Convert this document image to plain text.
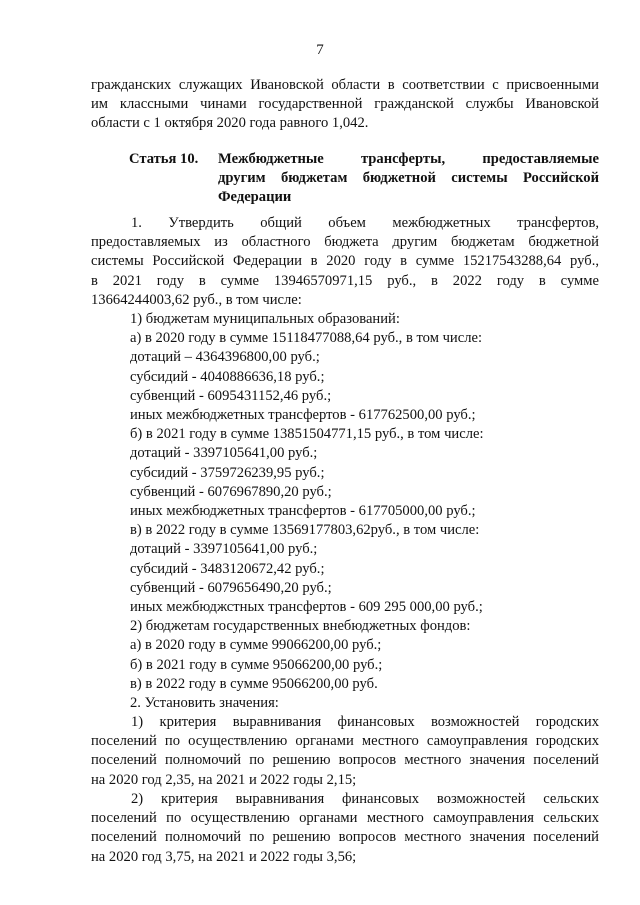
7
гражданских служащих Ивановской области в соответствии с присвоенными
им классными чинами государственной гражданской службы Ивановской
области с 1 октября 2020 года равного 1,042.
Статья 10. Межбюджетные трансферты, предоставляемые
другим бюджетам бюджетной системы Российской
Федерации
1. Утвердить общий объем межбюджетных трансфертов,
предоставляемых из областного бюджета другим бюджетам бюджетной
системы Российской Федерации в 2020 году в сумме 15217543288,64 руб.,
в 2021 году в сумме 13946570971,15 руб., в 2022 году в сумме
13664244003,62 руб., в том числе:
1) бюджетам муниципальных образований:
а) в 2020 году в сумме 15118477088,64 руб., в том числе:
дотаций – 4364396800,00 руб.;
субсидий - 4040886636,18 руб.;
субвенций - 6095431152,46 руб.;
иных межбюджетных трансфертов - 617762500,00 руб.;
б) в 2021 году в сумме 13851504771,15 руб., в том числе:
дотаций - 3397105641,00 руб.;
субсидий - 3759726239,95 руб.;
субвенций - 6076967890,20 руб.;
иных межбюджетных трансфертов - 617705000,00 руб.;
в) в 2022 году в сумме 13569177803,62руб., в том числе:
дотаций - 3397105641,00 руб.;
субсидий - 3483120672,42 руб.;
субвенций - 6079656490,20 руб.;
иных межбюджстных трансфертов - 609 295 000,00 руб.;
2) бюджетам государственных внебюджетных фондов:
а) в 2020 году в сумме 99066200,00 руб.;
б) в 2021 году в сумме 95066200,00 руб.;
в) в 2022 году в сумме 95066200,00 руб.
2. Установить значения:
1) критерия выравнивания финансовых возможностей городских
поселений по осуществлению органами местного самоуправления городских
поселений полномочий по решению вопросов местного значения поселений
на 2020 год 2,35, на 2021 и 2022 годы 2,15;
2) критерия выравнивания финансовых возможностей сельских
поселений по осуществлению органами местного самоуправления сельских
поселений полномочий по решению вопросов местного значения поселений
на 2020 год 3,75, на 2021 и 2022 годы 3,56;
